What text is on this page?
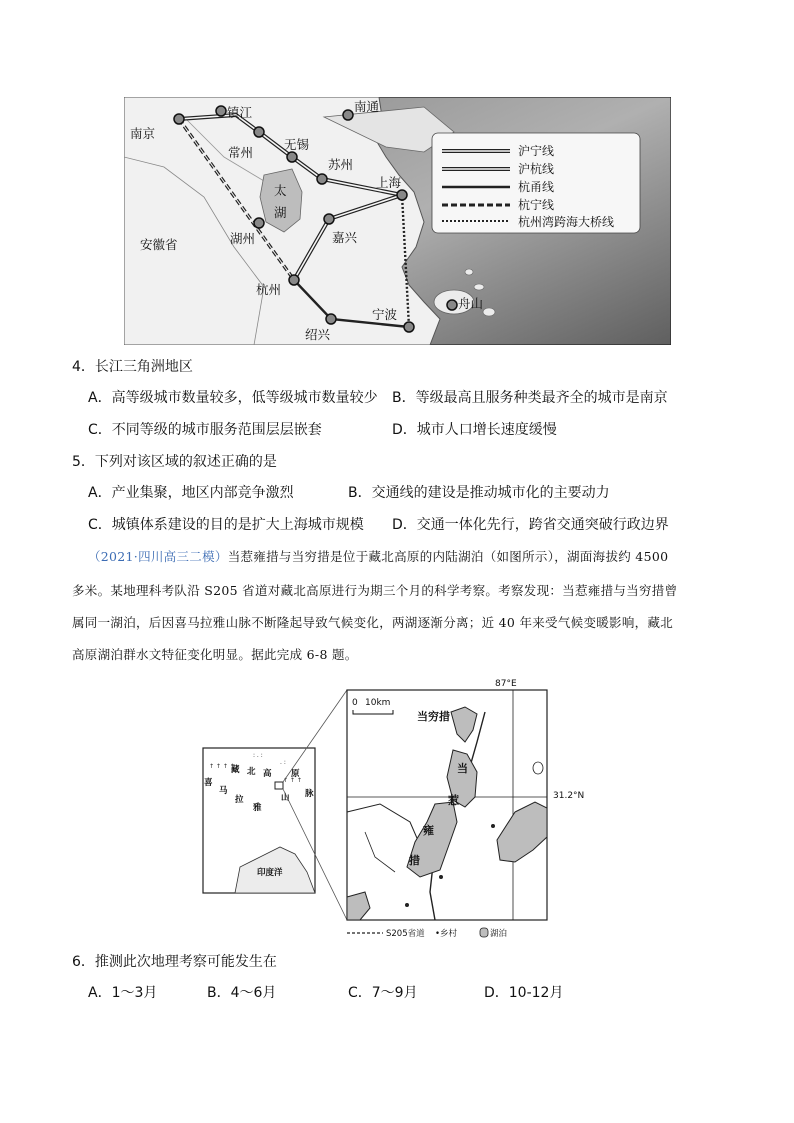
南京
镇江	南通
常州
无锡
苏州
上海
太
湖
湖州	嘉兴
杭州
宁波
舟山
绍兴
安徽省
沪宁线
沪杭线
杭甬线
杭宁线
杭州湾跨海大桥线
4．长江三角洲地区
A．高等级城市数量较多，低等级城市数量较少 B．等级最高且服务种类最齐全的城市是南京
C．不同等级的城市服务范围层层嵌套	D．城市人口增长速度缓慢
5．下列对该区域的叙述正确的是
A．产业集聚，地区内部竞争激烈	B．交通线的建设是推动城市化的主要动力
C．城镇体系建设的目的是扩大上海城市规模 D．交通一体化先行，跨省交通突破行政边界
（2021·四川高三二模）当惹雍措与当穷措是位于藏北高原的内陆湖泊（如图所示），湖面海拔约 4500
多米。某地理科考队沿 S205 省道对藏北高原进行为期三个月的科学考察。考察发现：当惹雍措与当穷措曾
属同一湖泊，后因喜马拉雅山脉不断隆起导致气候变化，两湖逐渐分离；近 40 年来受气候变暖影响，藏北
高原湖泊群水文特征变化明显。据此完成 6-8 题。
↑ ↑ ↑ ↑
: . :
. :
↑ ↑ ↑
藏 北 高 原
喜
马
拉
雅
山 脉
印度洋
87°E
31.2°N
0 10km
当穷措
当
惹
雍
措
S205省道 •乡村	湖泊
6．推测此次地理考察可能发生在
A．1～3月	B．4～6月	C．7～9月	D．10-12月
